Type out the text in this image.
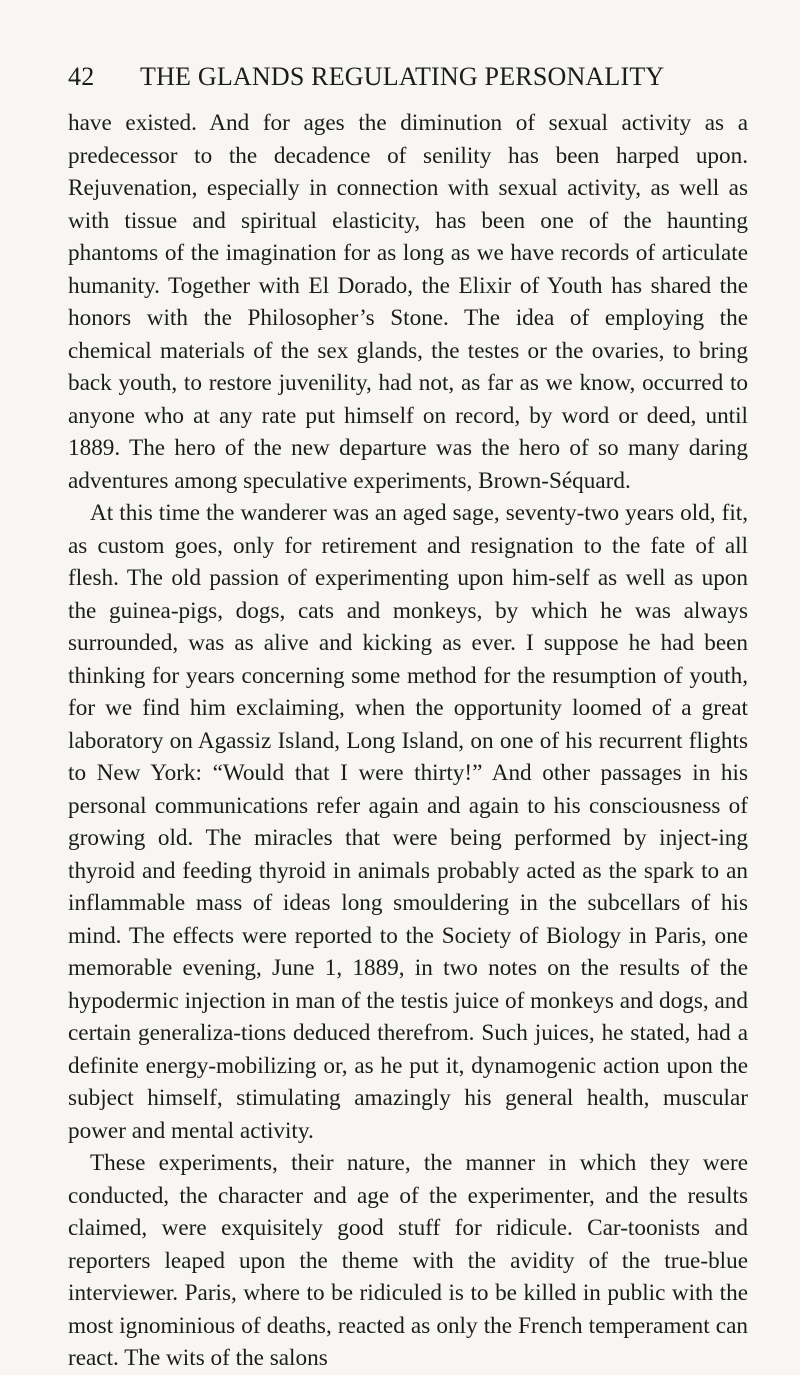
42 THE GLANDS REGULATING PERSONALITY

have existed. And for ages the diminution of sexual activity as a predecessor to the decadence of senility has been harped upon. Rejuvenation, especially in connection with sexual activity, as well as with tissue and spiritual elasticity, has been one of the haunting phantoms of the imagination for as long as we have records of articulate humanity. Together with El Dorado, the Elixir of Youth has shared the honors with the Philosopher’s Stone. The idea of employing the chemical materials of the sex glands, the testes or the ovaries, to bring back youth, to restore juvenility, had not, as far as we know, occurred to anyone who at any rate put himself on record, by word or deed, until 1889. The hero of the new departure was the hero of so many daring adventures among speculative experiments, Brown-Séquard.

At this time the wanderer was an aged sage, seventy-two years old, fit, as custom goes, only for retirement and resignation to the fate of all flesh. The old passion of experimenting upon him-self as well as upon the guinea-pigs, dogs, cats and monkeys, by which he was always surrounded, was as alive and kicking as ever. I suppose he had been thinking for years concerning some method for the resumption of youth, for we find him exclaiming, when the opportunity loomed of a great laboratory on Agassiz Island, Long Island, on one of his recurrent flights to New York: “Would that I were thirty!” And other passages in his personal communications refer again and again to his consciousness of growing old. The miracles that were being performed by inject-ing thyroid and feeding thyroid in animals probably acted as the spark to an inflammable mass of ideas long smouldering in the subcellars of his mind. The effects were reported to the Society of Biology in Paris, one memorable evening, June 1, 1889, in two notes on the results of the hypodermic injection in man of the testis juice of monkeys and dogs, and certain generaliza-tions deduced therefrom. Such juices, he stated, had a definite energy-mobilizing or, as he put it, dynamogenic action upon the subject himself, stimulating amazingly his general health, muscular power and mental activity.

These experiments, their nature, the manner in which they were conducted, the character and age of the experimenter, and the results claimed, were exquisitely good stuff for ridicule. Car-toonists and reporters leaped upon the theme with the avidity of the true-blue interviewer. Paris, where to be ridiculed is to be killed in public with the most ignominious of deaths, reacted as only the French temperament can react. The wits of the salons
